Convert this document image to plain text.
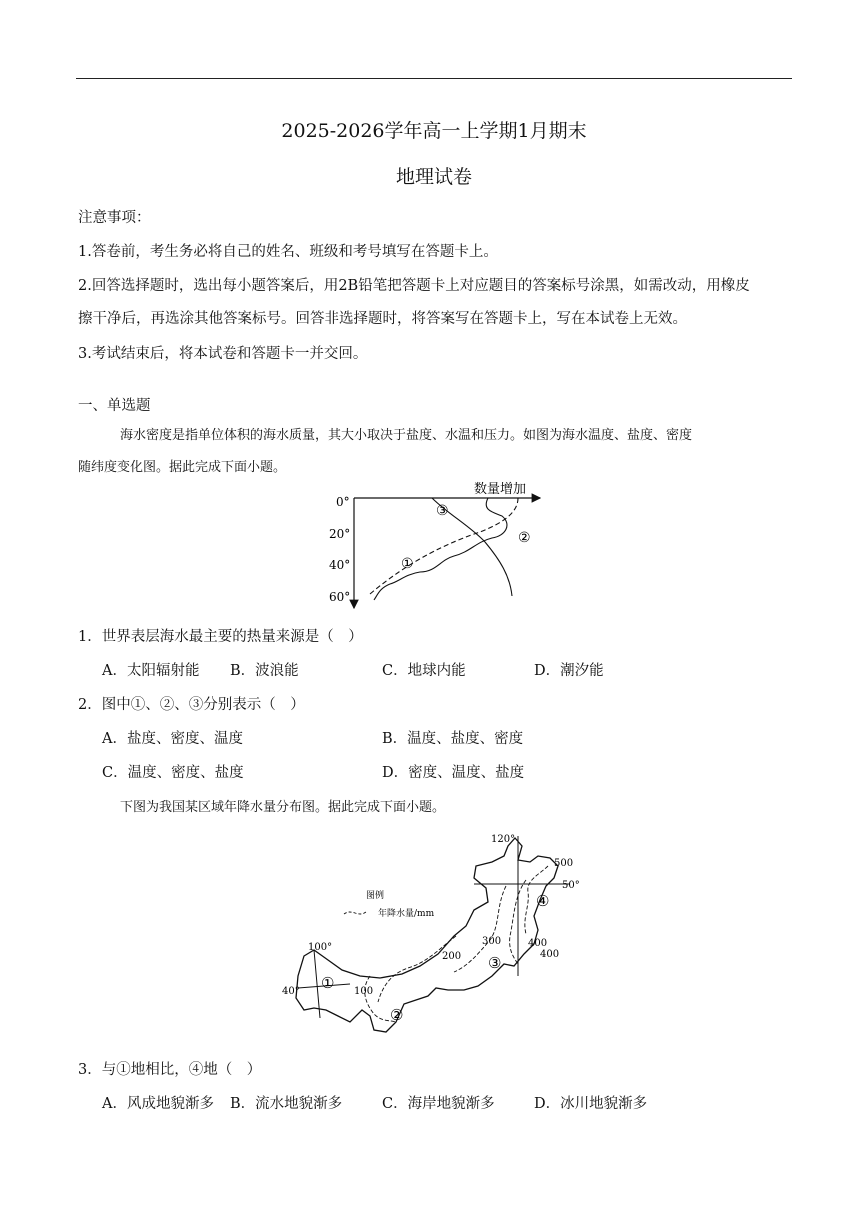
2025-2026学年高一上学期1月期末
地理试卷
注意事项：
1.答卷前，考生务必将自己的姓名、班级和考号填写在答题卡上。
2.回答选择题时，选出每小题答案后，用2B铅笔把答题卡上对应题目的答案标号涂黑，如需改动，用橡皮
擦干净后，再选涂其他答案标号。回答非选择题时，将答案写在答题卡上，写在本试卷上无效。
3.考试结束后，将本试卷和答题卡一并交回。
一、单选题
海水密度是指单位体积的海水质量，其大小取决于盐度、水温和压力。如图为海水温度、盐度、密度
随纬度变化图。据此完成下面小题。
数量增加
0°
20°
40°
60°
①
②
③
1．世界表层海水最主要的热量来源是（　）
A．太阳辐射能 B．波浪能	C．地球内能	D．潮汐能
2．图中①、②、③分别表示（　）
A．盐度、密度、温度	B．温度、盐度、密度
C．温度、密度、盐度	D．密度、温度、盐度
下图为我国某区域年降水量分布图。据此完成下面小题。
120°
100°
50°
40°
500
400
400
300
200
100
①
②
③
④
图例
年降水量/mm
3．与①地相比，④地（　）
A．风成地貌渐多 B．流水地貌渐多	C．海岸地貌渐多	D．冰川地貌渐多
